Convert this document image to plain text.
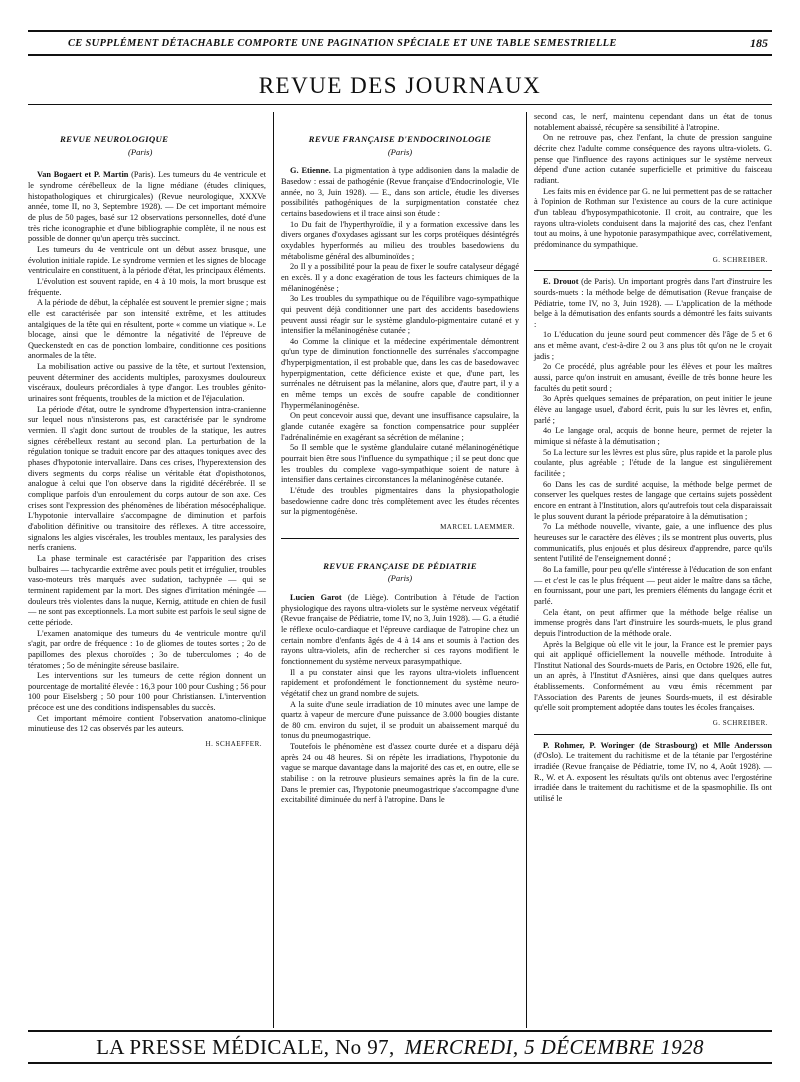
CE SUPPLÉMENT DÉTACHABLE COMPORTE UNE PAGINATION SPÉCIALE ET UNE TABLE SEMESTRIELLE	185
REVUE DES JOURNAUX
REVUE NEUROLOGIQUE
(Paris)

Van Bogaert et P. Martin (Paris). Les tumeurs du 4e ventricule et le syndrome cérébelleux de la ligne médiane (études cliniques, histopathologiques et chirurgicales) (Revue neurologique, XXXVe année, tome II, no 3, Septembre 1928). — De cet important mémoire de plus de 50 pages, basé sur 12 observations personnelles, doté d'une très riche iconographie et d'une bibliographie complète, il ne nous est possible de donner qu'un aperçu très succinct.

Les tumeurs du 4e ventricule ont un début assez brusque, une évolution initiale rapide. Le syndrome vermien et les signes de blocage ventriculaire en constituent, à la période d'état, les principaux éléments.

L'évolution est souvent rapide, en 4 à 10 mois, la mort brusque est fréquente.

A la période de début, la céphalée est souvent le premier signe ; mais elle est caractérisée par son intensité extrême, et les attitudes antalgiques de la tête qui en résultent, porte « comme un viatique ». Le blocage, ainsi que le démontre la négativité de l'épreuve de Queckenstedt en cas de ponction lombaire, conditionne ces positions anormales de la tête.

La mobilisation active ou passive de la tête, et surtout l'extension, peuvent déterminer des accidents multiples, paroxysmes douloureux viscéraux, douleurs précordiales à type d'angor. Les troubles génito-urinaires sont fréquents, troubles de la miction et de l'éjaculation.

La période d'état, outre le syndrome d'hypertension intra-cranienne sur lequel nous n'insisterons pas, est caractérisée par le syndrome vermien. Il s'agit donc surtout de troubles de la statique, les autres signes cérébelleux restant au second plan. La perturbation de la régulation tonique se traduit encore par des attaques toniques avec des phases d'hypotonie intervallaire. Dans ces crises, l'hyperextension des divers segments du corps réalise un véritable état d'opisthotonos, analogue à celui que l'on observe dans la rigidité décérébrée. Il se complique parfois d'un enroulement du corps autour de son axe. Ces crises sont l'expression des phénomènes de libération mésocéphalique. L'hypotonie intervallaire s'accompagne de diminution et parfois d'abolition définitive ou transitoire des réflexes. A titre accessoire, signalons les algies viscérales, les troubles mentaux, les paralysies des nerfs craniens.

La phase terminale est caractérisée par l'apparition des crises bulbaires — tachycardie extrême avec pouls petit et irrégulier, troubles vaso-moteurs très marqués avec sudation, tachypnée — qui se terminent rapidement par la mort. Des signes d'irritation méningée — douleurs très violentes dans la nuque, Kernig, attitude en chien de fusil — ne sont pas exceptionnels. La mort subite est parfois le seul signe de cette période.

L'examen anatomique des tumeurs du 4e ventricule montre qu'il s'agit, par ordre de fréquence : 1o de gliomes de toutes sortes ; 2o de papillomes des plexus choroïdes ; 3o de tuberculomes ; 4o de tératomes ; 5o de méningite séreuse basilaire.

Les interventions sur les tumeurs de cette région donnent un pourcentage de mortalité élevée : 16,3 pour 100 pour Cushing ; 56 pour 100 pour Eiselsberg ; 50 pour 100 pour Christiansen. L'intervention précoce est une des conditions indispensables du succès.

Cet important mémoire contient l'observation anatomo-clinique minutieuse des 12 cas observés par les auteurs.

H. SCHAEFFER.
REVUE FRANÇAISE D'ENDOCRINOLOGIE
(Paris)

G. Etienne. La pigmentation à type addisonien dans la maladie de Basedow : essai de pathogénie (Revue française d'Endocrinologie, VIe année, no 3, Juin 1928). — E., dans son article, étudie les diverses possibilités pathogéniques de la surpigmentation constatée chez certains basedowiens et il trace ainsi son étude :

1o Du fait de l'hyperthyroïdie, il y a formation excessive dans les divers organes d'oxydases agissant sur les corps protéiques désintégrés oxydables hyperformés au milieu des troubles basedowiens du métabolisme général des albuminoïdes ;

2o Il y a possibilité pour la peau de fixer le soufre catalyseur dégagé en excès. Il y a donc exagération de tous les facteurs chimiques de la mélaninogénèse ;

3o Les troubles du sympathique ou de l'équilibre vago-sympathique qui peuvent déjà conditionner une part des accidents basedowiens peuvent aussi réagir sur le système glandulo-pigmentaire cutané et y intensifier la mélaninogénèse cutanée ;

4o Comme la clinique et la médecine expérimentale démontrent qu'un type de diminution fonctionnelle des surrénales s'accompagne d'hyperpigmentation, il est probable que, dans les cas de basedowavec hyperpigmentation, cette déficience existe et que, d'une part, les surrénales ne détruisent pas la mélanine, alors que, d'autre part, il y a en même temps un excès de soufre capable de conditionner l'hypermélaninogénèse.

On peut concevoir aussi que, devant une insuffisance capsulaire, la glande cutanée exagère sa fonction compensatrice pour suppléer l'adrénalinémie en exagérant sa sécrétion de mélanine ;

5o Il semble que le système glandulaire cutané mélaninogénétique pourrait bien être sous l'influence du sympathique ; il se peut donc que les troubles du complexe vago-sympathique soient de nature à intensifier dans certaines circonstances la mélaninogénèse cutanée.

L'étude des troubles pigmentaires dans la physiopathologie basedowienne cadre donc très complètement avec les études récentes sur la pigmentogénèse.

MARCEL LAEMMER.
REVUE FRANÇAISE DE PÉDIATRIE
(Paris)

Lucien Garot (de Liège). Contribution à l'étude de l'action physiologique des rayons ultra-violets sur le système nerveux végétatif (Revue française de Pédiatrie, tome IV, no 3, Juin 1928). — G. a étudié le réflexe oculo-cardiaque et l'épreuve cardiaque de l'atropine chez un certain nombre d'enfants âgés de 4 à 14 ans et soumis à l'action des rayons ultra-violets, afin de rechercher si ces rayons modifient le fonctionnement du système nerveux parasympathique.

Il a pu constater ainsi que les rayons ultra-violets influencent rapidement et profondément le fonctionnement du système neuro-végétatif chez un grand nombre de sujets.

A la suite d'une seule irradiation de 10 minutes avec une lampe de quartz à vapeur de mercure d'une puissance de 3.000 bougies distante de 80 cm. environ du sujet, il se produit un abaissement marqué du tonus du pneumogastrique.

Toutefois le phénomène est d'assez courte durée et a disparu déjà après 24 ou 48 heures. Si on répète les irradiations, l'hypotonie du vague se marque davantage dans la majorité des cas et, en outre, elle se stabilise : on la retrouve plusieurs semaines après la fin de la cure. Dans le premier cas, l'hypotonie pneumogastrique s'accompagne d'une excitabilité diminuée du nerf à l'atropine. Dans le

second cas, le nerf, maintenu cependant dans un état de tonus notablement abaissé, récupère sa sensibilité à l'atropine.

On ne retrouve pas, chez l'enfant, la chute de pression sanguine décrite chez l'adulte comme conséquence des rayons ultra-violets. G. pense que l'influence des rayons actiniques sur le système nerveux dépend d'une action cutanée superficielle et primitive du faisceau radiant.

Les faits mis en évidence par G. ne lui permettent pas de se rattacher à l'opinion de Rothman sur l'existence au cours de la cure actinique d'un tableau d'hyposympathicotonie. Il croit, au contraire, que les rayons ultra-violets conduisent dans la majorité des cas, chez l'enfant tout au moins, à une hypotonie parasympathique avec, corrélativement, prédominance du sympathique.

G. SCHREIBER.

E. Drouot (de Paris). Un important progrès dans l'art d'instruire les sourds-muets : la méthode belge de démutisation (Revue française de Pédiatrie, tome IV, no 3, Juin 1928). — L'application de la méthode belge à la démutisation des enfants sourds a démontré les faits suivants :

1o L'éducation du jeune sourd peut commencer dès l'âge de 5 et 6 ans et même avant, c'est-à-dire 2 ou 3 ans plus tôt qu'on ne le croyait jadis ;

2o Ce procédé, plus agréable pour les élèves et pour les maîtres aussi, parce qu'on instruit en amusant, éveille de très bonne heure les facultés du petit sourd ;

3o Après quelques semaines de préparation, on peut initier le jeune élève au langage usuel, d'abord écrit, puis lu sur les lèvres et, enfin, parlé ;

4o Le langage oral, acquis de bonne heure, permet de rejeter la mimique si néfaste à la démutisation ;

5o La lecture sur les lèvres est plus sûre, plus rapide et la parole plus coulante, plus agréable ; l'étude de la langue est singulièrement facilitée ;

6o Dans les cas de surdité acquise, la méthode belge permet de conserver les quelques restes de langage que certains sujets possèdent encore en entrant à l'Institution, alors qu'autrefois tout cela disparaissait le plus souvent durant la période préparatoire à la démutisation ;

7o La méthode nouvelle, vivante, gaie, a une influence des plus heureuses sur le caractère des élèves ; ils se montrent plus ouverts, plus communicatifs, plus enjoués et plus désireux d'apprendre, parce qu'ils sentent l'utilité de l'enseignement donné ;

8o La famille, pour peu qu'elle s'intéresse à l'éducation de son enfant — et c'est le cas le plus fréquent — peut aider le maître dans sa tâche, en fournissant, pour une part, les premiers éléments du langage écrit et parlé.

Cela étant, on peut affirmer que la méthode belge réalise un immense progrès dans l'art d'instruire les sourds-muets, le plus grand depuis l'introduction de la méthode orale.

Après la Belgique où elle vit le jour, la France est le premier pays qui ait appliqué officiellement la nouvelle méthode. Introduite à l'Institut National des Sourds-muets de Paris, en Octobre 1926, elle fut, un an après, à l'Institut d'Asnières, ainsi que dans quelques autres établissements. Conformément au vœu émis récemment par l'Association des Parents de jeunes Sourds-muets, il est désirable qu'elle soit promptement adoptée dans toutes les écoles françaises.

G. SCHREIBER.

P. Rohmer, P. Woringer (de Strasbourg) et Mlle Andersson (d'Oslo). Le traitement du rachitisme et de la tétanie par l'ergostérine irradiée (Revue française de Pédiatrie, tome IV, no 4, Août 1928). — R., W. et A. exposent les résultats qu'ils ont obtenus avec l'ergostérine irradiée dans le traitement du rachitisme et de la spasmophilie. Ils ont utilisé le

LA PRESSE MÉDICALE, No 97, MERCREDI, 5 DÉCEMBRE 1928
